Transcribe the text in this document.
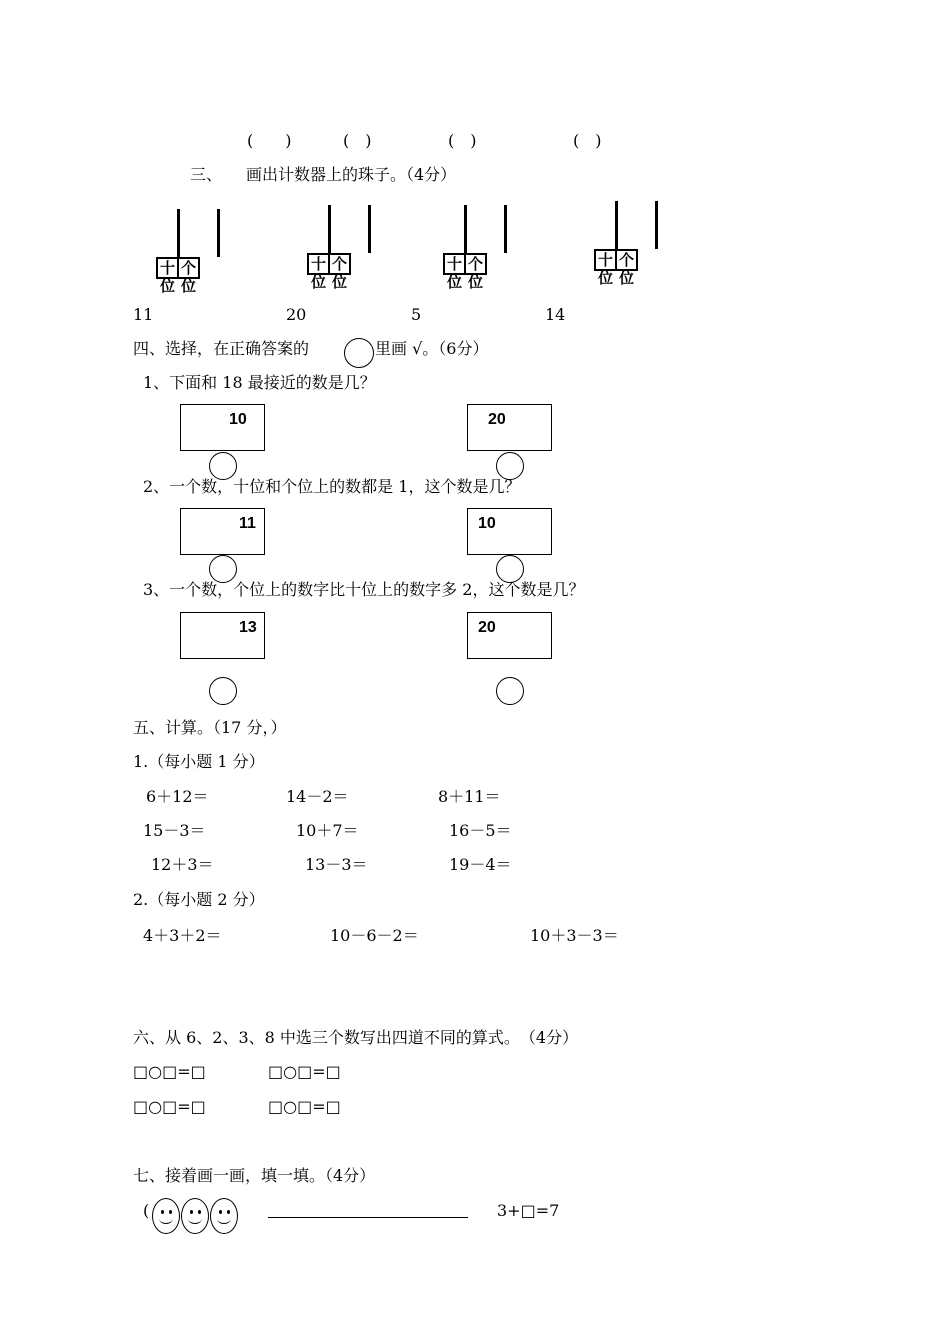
(　　)	(　)	(　)	(　)
三、　　画出计数器上的珠子。（4分）
十位
个位
十位
个位
十位
个位
十位
个位
11	20	5	14
四、选择，在正确答案的	里画 √。（6分）
1、下面和 18 最接近的数是几？
10	20
2、一个数，十位和个位上的数都是 1，这个数是几？
11	10
3、一个数，个位上的数字比十位上的数字多 2，这个数是几？
13	20
五、计算。（17 分，）
1.（每小题 1 分）
6＋12＝	14－2＝	8＋11＝
15－3＝	10＋7＝	16－5＝
12＋3＝	13－3＝	19－4＝
2.（每小题 2 分）
4＋3＋2＝	10－6－2＝	10＋3－3＝
六、从 6、2、3、8 中选三个数写出四道不同的算式。　（4分）
□○□=□	□○□=□
□○□=□	□○□=□
七、接着画一画，填一填。（4分）
(	3+□=7
